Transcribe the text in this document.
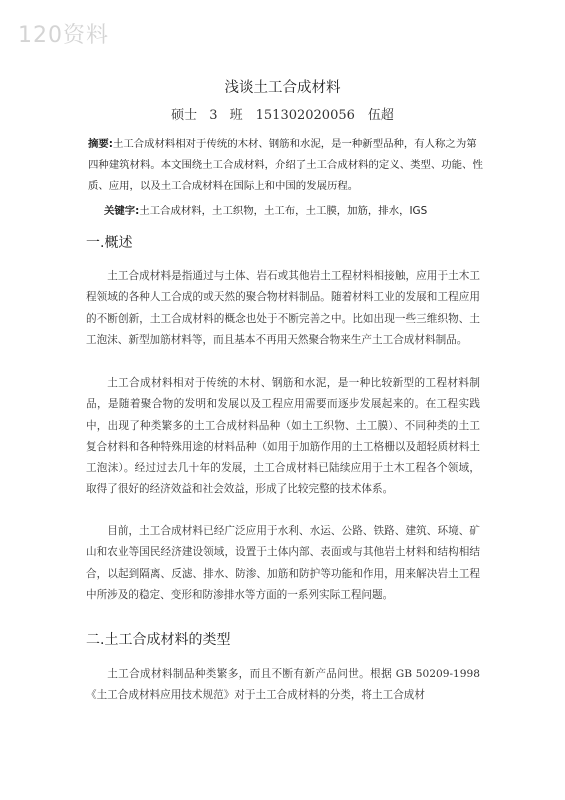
120资料
浅谈土工合成材料
硕士 3 班　151302020056　伍超
摘要:土工合成材料相对于传统的木材、钢筋和水泥，是一种新型品种，有人称之为第四种建筑材料。本文围绕土工合成材料，介绍了土工合成材料的定义、类型、功能、性质、应用，以及土工合成材料在国际上和中国的发展历程。
关键字:土工合成材料，土工织物，土工布，土工膜，加筋，排水，IGS
一.概述

土工合成材料是指通过与土体、岩石或其他岩土工程材料相接触，应用于土木工程领域的各种人工合成的或天然的聚合物材料制品。随着材料工业的发展和工程应用的不断创新，土工合成材料的概念也处于不断完善之中。比如出现一些三维织物、土工泡沫、新型加筋材料等，而且基本不再用天然聚合物来生产土工合成材料制品。

土工合成材料相对于传统的木材、钢筋和水泥，是一种比较新型的工程材料制品，是随着聚合物的发明和发展以及工程应用需要而逐步发展起来的。在工程实践中，出现了种类繁多的土工合成材料品种（如土工织物、土工膜）、不同种类的土工复合材料和各种特殊用途的材料品种（如用于加筋作用的土工格栅以及超轻质材料土工泡沫）。经过过去几十年的发展，土工合成材料已陆续应用于土木工程各个领域，取得了很好的经济效益和社会效益，形成了比较完整的技术体系。

目前，土工合成材料已经广泛应用于水利、水运、公路、铁路、建筑、环境、矿山和农业等国民经济建设领域，设置于土体内部、表面或与其他岩土材料和结构相结合，以起到隔离、反滤、排水、防渗、加筋和防护等功能和作用，用来解决岩土工程中所涉及的稳定、变形和防渗排水等方面的一系列实际工程问题。

二.土工合成材料的类型

土工合成材料制品种类繁多，而且不断有新产品问世。根据 GB 50209-1998《土工合成材料应用技术规范》对于土工合成材料的分类，将土工合成材
